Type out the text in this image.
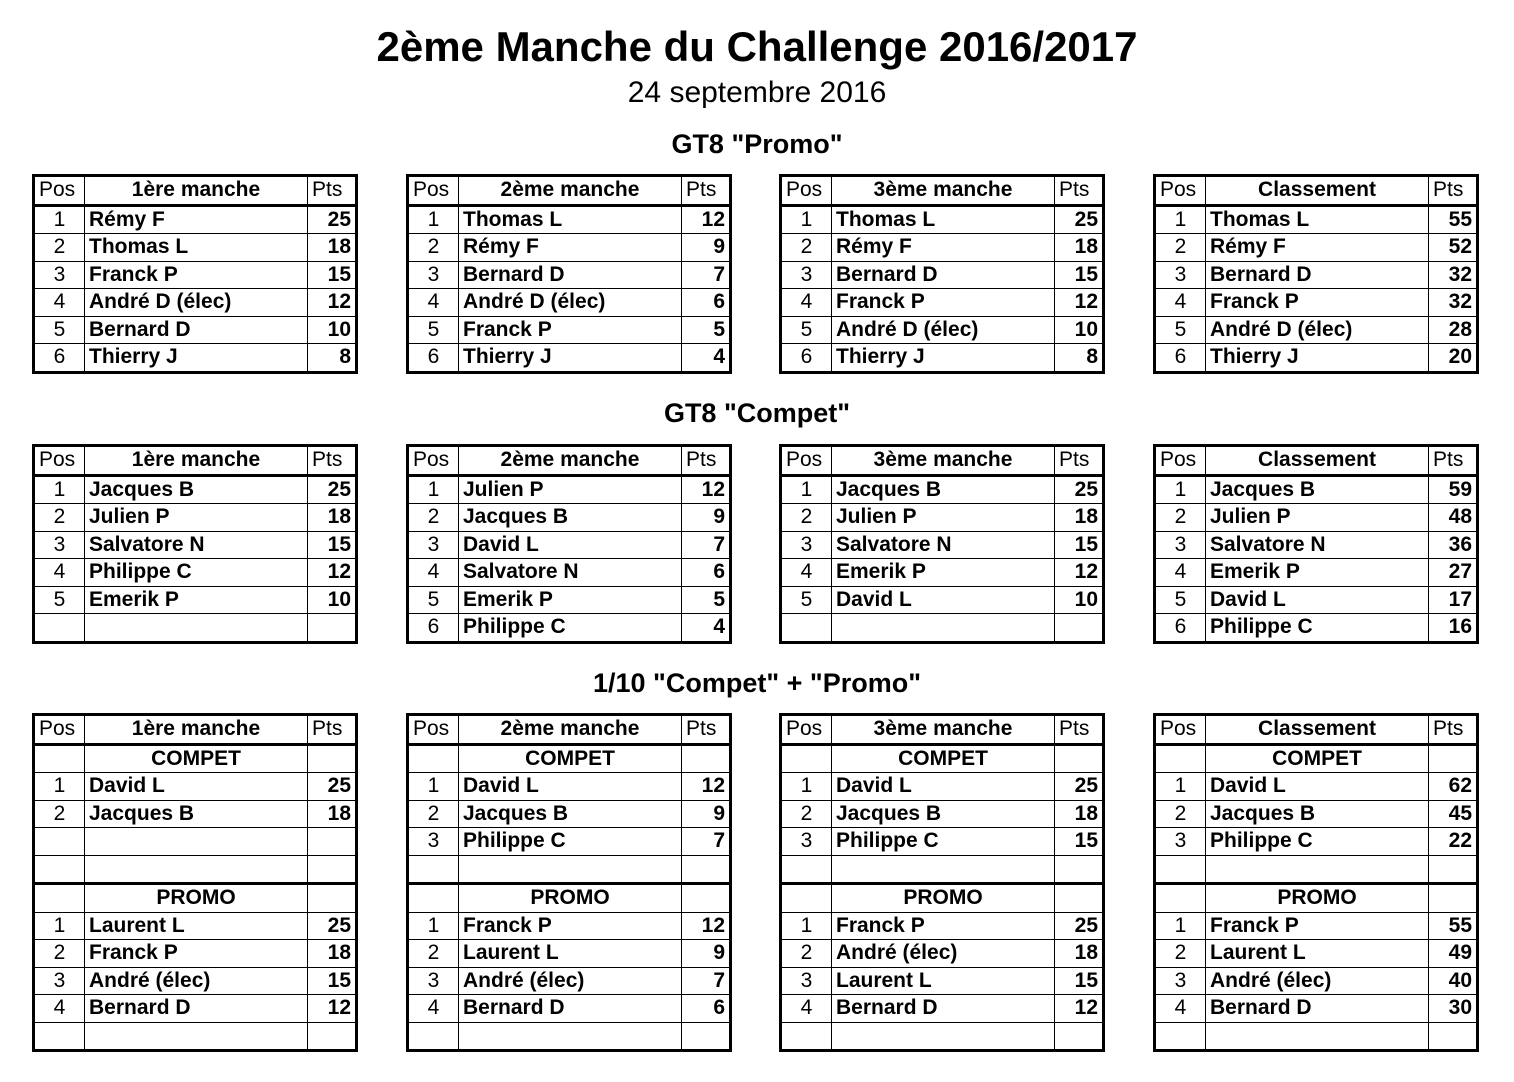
2ème Manche du Challenge 2016/2017
24 septembre 2016
GT8 "Promo"
Pos	1ère manche	Pts
1	Rémy F	25
2	Thomas L	18
3	Franck P	15
4	André D (élec)	12
5	Bernard D	10
6	Thierry J	8
Pos	2ème manche	Pts
1	Thomas L	12
2	Rémy F	9
3	Bernard D	7
4	André D (élec)	6
5	Franck P	5
6	Thierry J	4
Pos	3ème manche	Pts
1	Thomas L	25
2	Rémy F	18
3	Bernard D	15
4	Franck P	12
5	André D (élec)	10
6	Thierry J	8
Pos	Classement	Pts
1	Thomas L	55
2	Rémy F	52
3	Bernard D	32
4	Franck P	32
5	André D (élec)	28
6	Thierry J	20
GT8 "Compet"
Pos	1ère manche	Pts
1	Jacques B	25
2	Julien P	18
3	Salvatore N	15
4	Philippe C	12
5	Emerik P	10

Pos	2ème manche	Pts
1	Julien P	12
2	Jacques B	9
3	David L	7
4	Salvatore N	6
5	Emerik P	5
6	Philippe C	4
Pos	3ème manche	Pts
1	Jacques B	25
2	Julien P	18
3	Salvatore N	15
4	Emerik P	12
5	David L	10

Pos	Classement	Pts
1	Jacques B	59
2	Julien P	48
3	Salvatore N	36
4	Emerik P	27
5	David L	17
6	Philippe C	16
1/10 "Compet" + "Promo"
Pos	1ère manche	Pts
	COMPET	
1	David L	25
2	Jacques B	18

	PROMO	
1	Laurent L	25
2	Franck P	18
3	André (élec)	15
4	Bernard D	12

Pos	2ème manche	Pts
	COMPET	
1	David L	12
2	Jacques B	9
3	Philippe C	7

	PROMO	
1	Franck P	12
2	Laurent L	9
3	André (élec)	7
4	Bernard D	6

Pos	3ème manche	Pts
	COMPET	
1	David L	25
2	Jacques B	18
3	Philippe C	15

	PROMO	
1	Franck P	25
2	André (élec)	18
3	Laurent L	15
4	Bernard D	12

Pos	Classement	Pts
	COMPET	
1	David L	62
2	Jacques B	45
3	Philippe C	22

	PROMO	
1	Franck P	55
2	Laurent L	49
3	André (élec)	40
4	Bernard D	30
